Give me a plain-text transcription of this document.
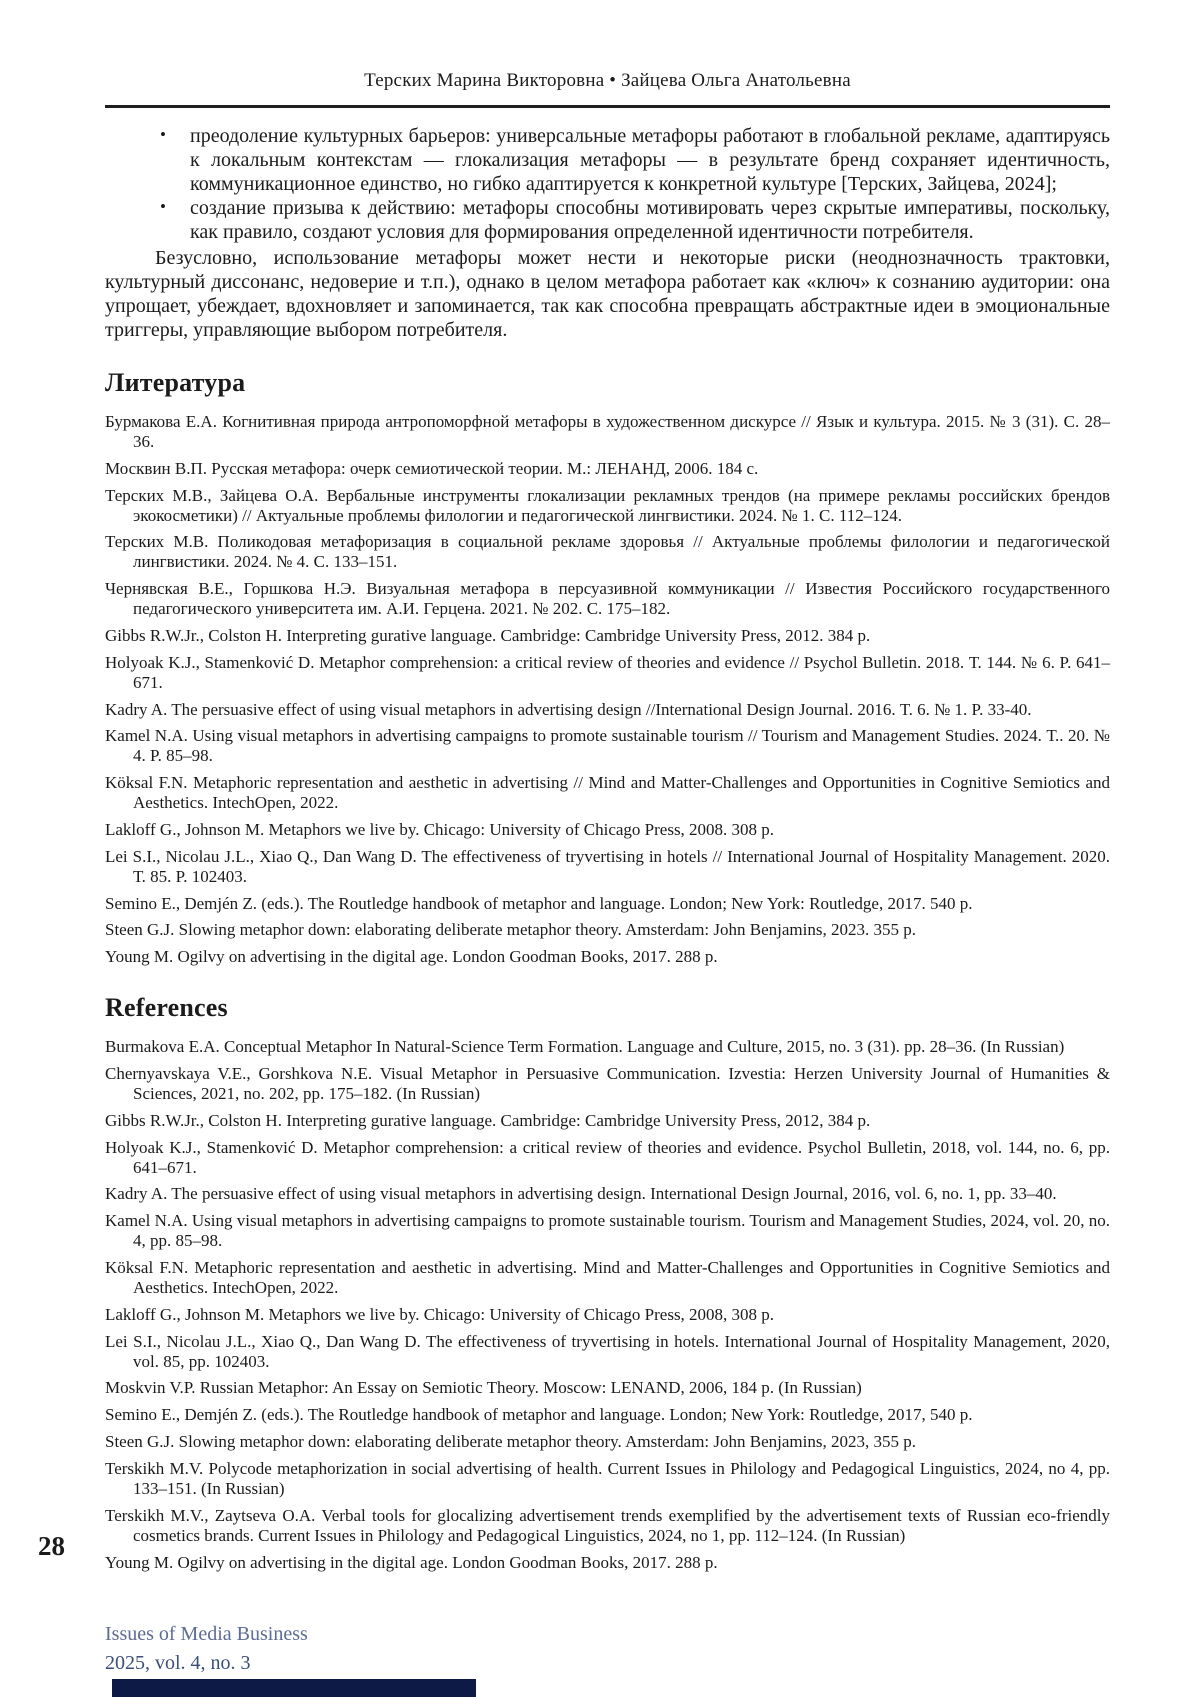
Терских Марина Викторовна • Зайцева Ольга Анатольевна
• преодоление культурных барьеров: универсальные метафоры работают в глобальной рекламе, адаптируясь к локальным контекстам — глокализация метафоры — в результате бренд сохраняет идентичность, коммуникационное единство, но гибко адаптируется к конкретной культуре [Терских, Зайцева, 2024];
• создание призыва к действию: метафоры способны мотивировать через скрытые императивы, поскольку, как правило, создают условия для формирования определенной идентичности потребителя.

Безусловно, использование метафоры может нести и некоторые риски (неоднозначность трактовки, культурный диссонанс, недоверие и т.п.), однако в целом метафора работает как «ключ» к сознанию аудитории: она упрощает, убеждает, вдохновляет и запоминается, так как способна превращать абстрактные идеи в эмоциональные триггеры, управляющие выбором потребителя.

Литература

Бурмакова Е.А. Когнитивная природа антропоморфной метафоры в художественном дискурсе // Язык и культура. 2015. № 3 (31). С. 28–36.

Москвин В.П. Русская метафора: очерк семиотической теории. М.: ЛЕНАНД, 2006. 184 с.

Терских М.В., Зайцева О.А. Вербальные инструменты глокализации рекламных трендов (на примере рекламы российских брендов экокосметики) // Актуальные проблемы филологии и педагогической лингвистики. 2024. № 1. С. 112–124.

Терских М.В. Поликодовая метафоризация в социальной рекламе здоровья // Актуальные проблемы филологии и педагогической лингвистики. 2024. № 4. С. 133–151.

Чернявская В.Е., Горшкова Н.Э. Визуальная метафора в персуазивной коммуникации // Известия Российского государственного педагогического университета им. А.И. Герцена. 2021. № 202. С. 175–182.

Gibbs R.W.Jr., Colston H. Interpreting gurative language. Cambridge: Cambridge University Press, 2012. 384 p.

Holyoak K.J., Stamenković D. Metaphor comprehension: a critical review of theories and evidence // Psychol Bulletin. 2018. Т. 144. № 6. P. 641–671.

Kadry A. The persuasive effect of using visual metaphors in advertising design //International Design Journal. 2016. Т. 6. № 1. P. 33-40.

Kamel N.A. Using visual metaphors in advertising campaigns to promote sustainable tourism // Tourism and Management Studies. 2024. Т.. 20. № 4. P. 85–98.

Köksal F.N. Metaphoric representation and aesthetic in advertising // Mind and Matter-Challenges and Opportunities in Cognitive Semiotics and Aesthetics. IntechOpen, 2022.

Lakloff G., Johnson M. Metaphors we live by. Chicago: University of Chicago Press, 2008. 308 p.

Lei S.I., Nicolau J.L., Xiao Q., Dan Wang D. The effectiveness of tryvertising in hotels // International Journal of Hospitality Management. 2020. Т. 85. P. 102403.

Semino E., Demjén Z. (eds.). The Routledge handbook of metaphor and language. London; New York: Routledge, 2017. 540 p.

Steen G.J. Slowing metaphor down: elaborating deliberate metaphor theory. Amsterdam: John Benjamins, 2023. 355 p.

Young M. Ogilvy on advertising in the digital age. London Goodman Books, 2017. 288 p.

References

Burmakova E.A. Conceptual Metaphor In Natural-Science Term Formation. Language and Culture, 2015, no. 3 (31). pp. 28–36. (In Russian)

Chernyavskaya V.E., Gorshkova N.E. Visual Metaphor in Persuasive Communication. Izvestia: Herzen University Journal of Humanities & Sciences, 2021, no. 202, pp. 175–182. (In Russian)

Gibbs R.W.Jr., Colston H. Interpreting gurative language. Cambridge: Cambridge University Press, 2012, 384 p.

Holyoak K.J., Stamenković D. Metaphor comprehension: a critical review of theories and evidence. Psychol Bulletin, 2018, vol. 144, no. 6, pp. 641–671.

Kadry A. The persuasive effect of using visual metaphors in advertising design. International Design Journal, 2016, vol. 6, no. 1, pp. 33–40.

Kamel N.A. Using visual metaphors in advertising campaigns to promote sustainable tourism. Tourism and Management Studies, 2024, vol. 20, no. 4, pp. 85–98.

Köksal F.N. Metaphoric representation and aesthetic in advertising. Mind and Matter-Challenges and Opportunities in Cognitive Semiotics and Aesthetics. IntechOpen, 2022.

Lakloff G., Johnson M. Metaphors we live by. Chicago: University of Chicago Press, 2008, 308 p.

Lei S.I., Nicolau J.L., Xiao Q., Dan Wang D. The effectiveness of tryvertising in hotels. International Journal of Hospitality Management, 2020, vol. 85, pp. 102403.

Moskvin V.P. Russian Metaphor: An Essay on Semiotic Theory. Moscow: LENAND, 2006, 184 p. (In Russian)

Semino E., Demjén Z. (eds.). The Routledge handbook of metaphor and language. London; New York: Routledge, 2017, 540 p.

Steen G.J. Slowing metaphor down: elaborating deliberate metaphor theory. Amsterdam: John Benjamins, 2023, 355 p.

Terskikh M.V. Polycode metaphorization in social advertising of health. Current Issues in Philology and Pedagogical Linguistics, 2024, no 4, pp. 133–151. (In Russian)

Terskikh M.V., Zaytseva O.A. Verbal tools for glocalizing advertisement trends exemplified by the advertisement texts of Russian eco-friendly cosmetics brands. Current Issues in Philology and Pedagogical Linguistics, 2024, no 1, pp. 112–124. (In Russian)

Young M. Ogilvy on advertising in the digital age. London Goodman Books, 2017. 288 p.

28
Issues of Media Business
2025, vol. 4, no. 3
